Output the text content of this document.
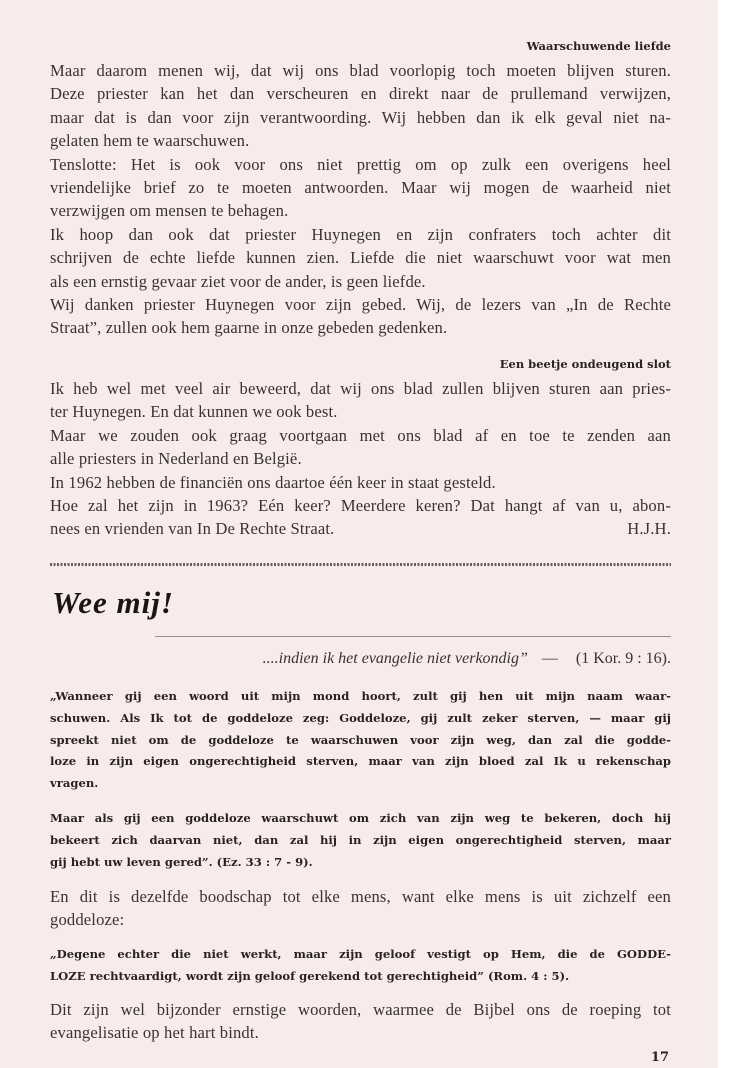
Waarschuwende liefde
Maar daarom menen wij, dat wij ons blad voorlopig toch moeten blijven sturen.
Deze priester kan het dan verscheuren en direkt naar de prullemand verwijzen,
maar dat is dan voor zijn verantwoording. Wij hebben dan ik elk geval niet na-
gelaten hem te waarschuwen.
Tenslotte: Het is ook voor ons niet prettig om op zulk een overigens heel
vriendelijke brief zo te moeten antwoorden. Maar wij mogen de waarheid niet
verzwijgen om mensen te behagen.
Ik hoop dan ook dat priester Huynegen en zijn confraters toch achter dit
schrijven de echte liefde kunnen zien. Liefde die niet waarschuwt voor wat men
als een ernstig gevaar ziet voor de ander, is geen liefde.
Wij danken priester Huynegen voor zijn gebed. Wij, de lezers van „In de Rechte
Straat”, zullen ook hem gaarne in onze gebeden gedenken.
Een beetje ondeugend slot
Ik heb wel met veel air beweerd, dat wij ons blad zullen blijven sturen aan pries-
ter Huynegen. En dat kunnen we ook best.
Maar we zouden ook graag voortgaan met ons blad af en toe te zenden aan
alle priesters in Nederland en België.
In 1962 hebben de financiën ons daartoe één keer in staat gesteld.
Hoe zal het zijn in 1963? Eén keer? Meerdere keren? Dat hangt af van u, abon-
H.J.H.
nees en vrienden van In De Rechte Straat.
Wee mij!
....indien ik het evangelie niet verkondig” — (1 Kor. 9 : 16).
„Wanneer gij een woord uit mijn mond hoort, zult gij hen uit mijn naam waar-
schuwen. Als Ik tot de goddeloze zeg: Goddeloze, gij zult zeker sterven, — maar gij
spreekt niet om de goddeloze te waarschuwen voor zijn weg, dan zal die godde-
loze in zijn eigen ongerechtigheid sterven, maar van zijn bloed zal Ik u rekenschap
vragen.
Maar als gij een goddeloze waarschuwt om zich van zijn weg te bekeren, doch hij
bekeert zich daarvan niet, dan zal hij in zijn eigen ongerechtigheid sterven, maar
gij hebt uw leven gered”. (Ez. 33 : 7 - 9).
En dit is dezelfde boodschap tot elke mens, want elke mens is uit zichzelf een
goddeloze:
„Degene echter die niet werkt, maar zijn geloof vestigt op Hem, die de GODDE-
LOZE rechtvaardigt, wordt zijn geloof gerekend tot gerechtigheid” (Rom. 4 : 5).
Dit zijn wel bijzonder ernstige woorden, waarmee de Bijbel ons de roeping tot
evangelisatie op het hart bindt.
17
